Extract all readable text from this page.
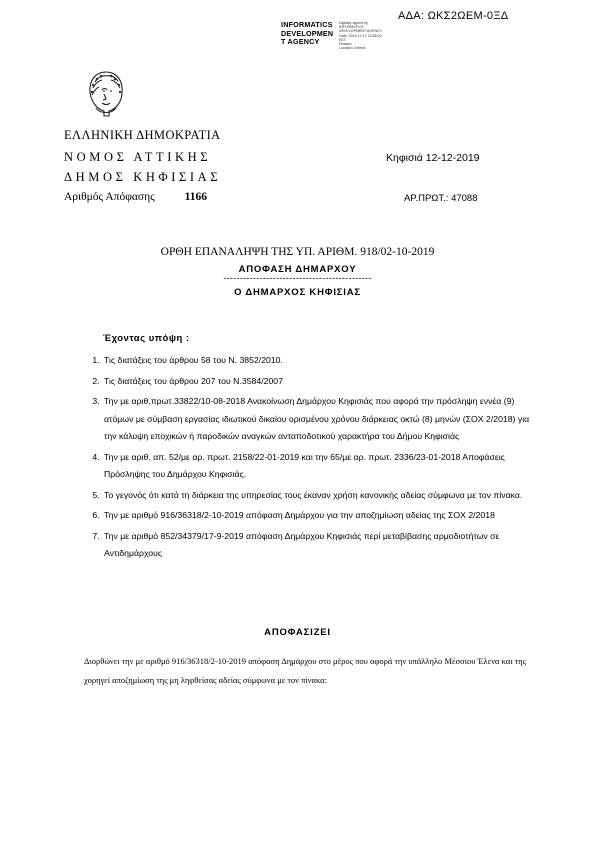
ΑΔΑ: ΩΚΣ2ΩΕΜ-0ΞΔ
INFORMATICS
DEVELOPMEN
T AGENCY
Digitally signed by
INFORMATICS
DEVELOPMENT AGENCY
Date: 2019.12.17 13:58:00
EET
Reason:
Location: Athens
ΕΛΛΗΝΙΚΗ ΔΗΜΟΚΡΑΤΙΑ
ΝΟΜΟΣ ΑΤΤΙΚΗΣ
ΔΗΜΟΣ ΚΗΦΙΣΙΑΣ
Αριθμός Απόφασης	1166
Κηφισιά 12-12-2019
ΑΡ.ΠΡΩΤ.: 47088
ΟΡΘΗ ΕΠΑΝΑΛΗΨΗ ΤΗΣ ΥΠ. ΑΡΙΘΜ. 918/02-10-2019
ΑΠΟΦΑΣΗ ΔΗΜΑΡΧΟΥ
---------------------------------------------
Ο ΔΗΜΑΡΧΟΣ ΚΗΦΙΣΙΑΣ
Έχοντας υπόψη :
1. Τις διατάξεις του άρθρου 58 του Ν. 3852/2010.
2. Τις διατάξεις του άρθρου 207 του Ν.3584/2007
3. Την με αριθ.πρωτ.33822/10-08-2018 Ανακοίνωση Δημάρχου Κηφισιάς που αφορά την πρόσληψη εννέα (9) ατόμων με σύμβαση εργασίας ιδιωτικού δικαίου ορισμένου χρόνου διάρκειας οκτώ (8) μηνών (ΣΟΧ 2/2018) για την κάλυψη εποχικών ή παροδικών αναγκών ανταποδοτικού χαρακτήρα του Δήμου Κηφισιάς
4. Την με αριθ. απ. 52/με αρ. πρωτ. 2158/22-01-2019 και την 65/με αρ. πρωτ. 2336/23-01-2018 Αποφάσεις Πρόσληψης του Δημάρχου Κηφισιάς.
5. Το γεγονός ότι κατά τη διάρκεια της υπηρεσίας τους έκαναν χρήση κανονικής αδείας σύμφωνα με τον πίνακα.
6. Την με αριθμό 916/36318/2-10-2019 απόφαση Δημάρχου για την αποζημίωση αδείας της ΣΟΧ 2/2018
7. Την με αριθμό 852/34379/17-9-2019 απόφαση Δημάρχου Κηφισιάς περί μεταβίβασης αρμοδιοτήτων σε Αντιδημάρχους
ΑΠΟΦΑΣΙΖΕΙ
Διορθώνει την με αριθμό 916/36318/2-10-2019 απόφαση Δημάρχου στο μέρος που αφορά την υπάλληλο Μέσσιου Έλενα και της χορηγεί αποζημίωση της μη ληφθείσας αδείας σύμφωνα με τον πίνακα:
